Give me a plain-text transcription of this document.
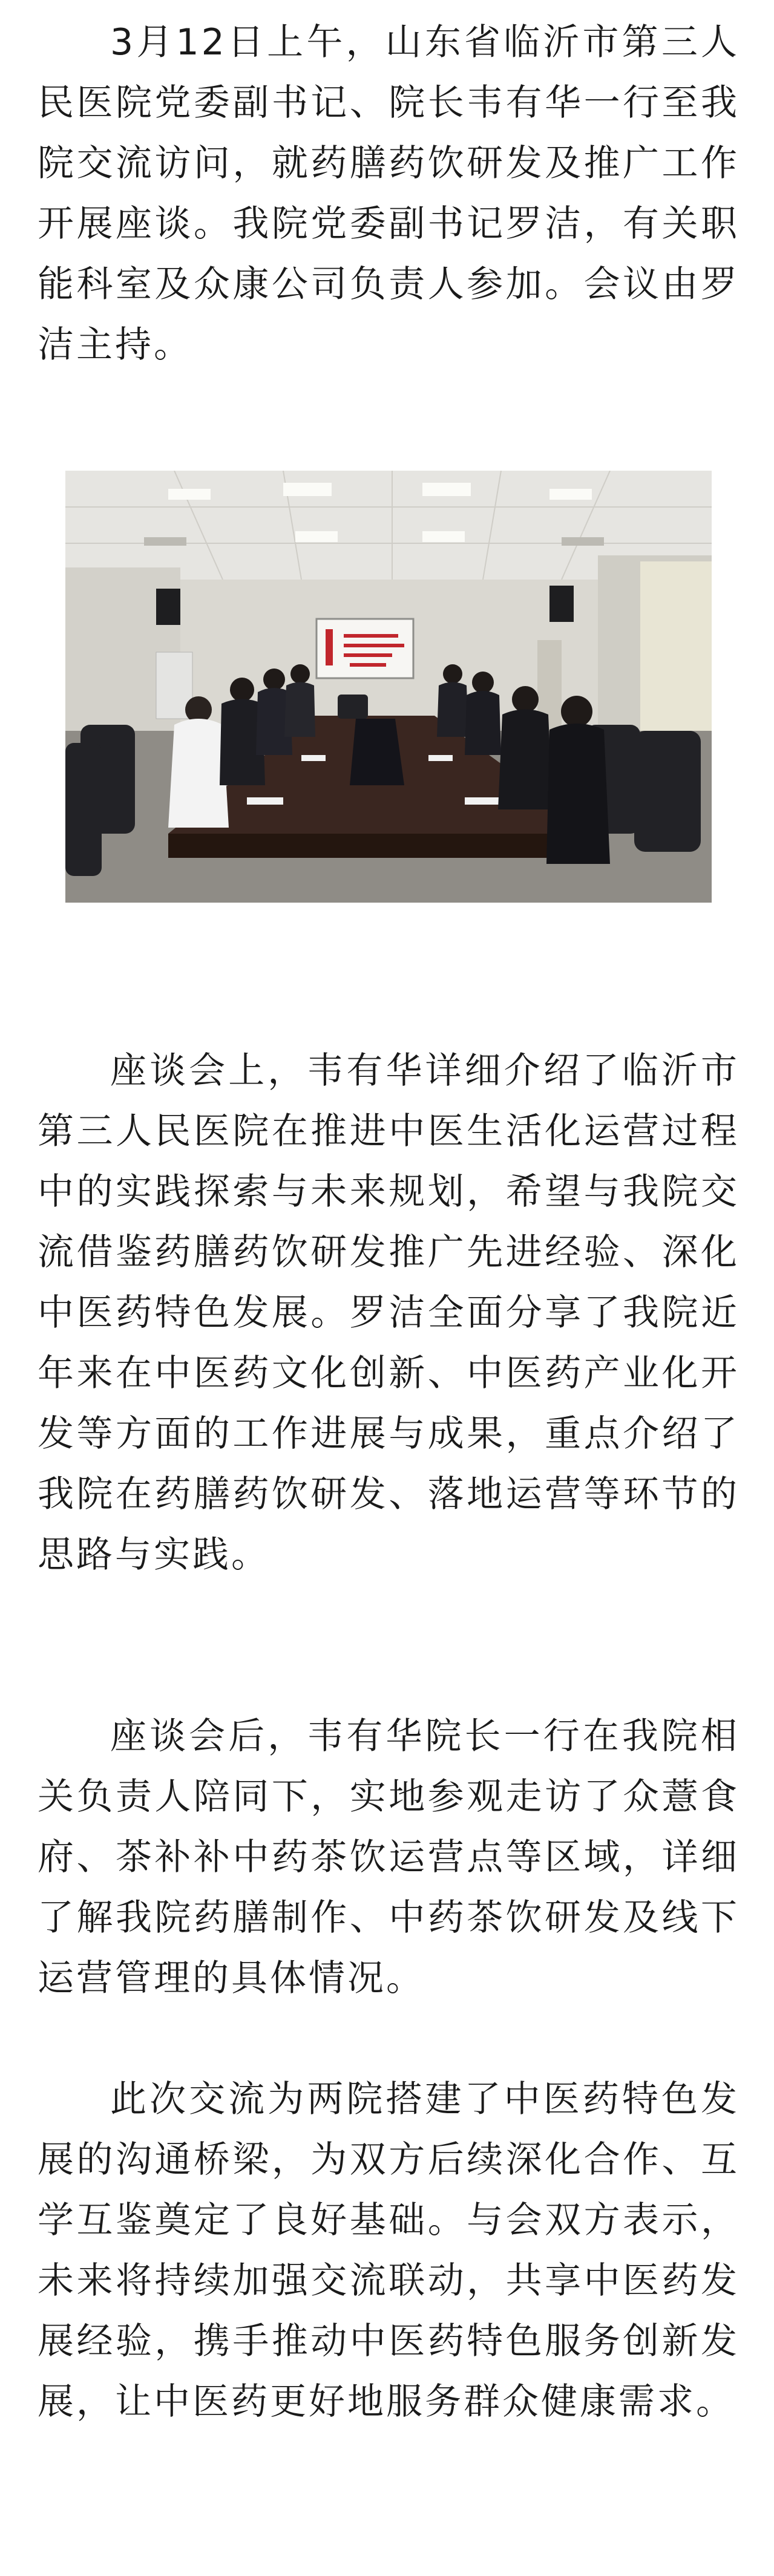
3月12日上午，山东省临沂市第三人民医院党委副书记、院长韦有华一行至我院交流访问，就药膳药饮研发及推广工作开展座谈。我院党委副书记罗洁，有关职能科室及众康公司负责人参加。会议由罗洁主持。

座谈会上，韦有华详细介绍了临沂市第三人民医院在推进中医生活化运营过程中的实践探索与未来规划，希望与我院交流借鉴药膳药饮研发推广先进经验、深化中医药特色发展。罗洁全面分享了我院近年来在中医药文化创新、中医药产业化开发等方面的工作进展与成果，重点介绍了我院在药膳药饮研发、落地运营等环节的思路与实践。

座谈会后，韦有华院长一行在我院相关负责人陪同下，实地参观走访了众薏食府、茶补补中药茶饮运营点等区域，详细了解我院药膳制作、中药茶饮研发及线下运营管理的具体情况。

此次交流为两院搭建了中医药特色发展的沟通桥梁，为双方后续深化合作、互学互鉴奠定了良好基础。与会双方表示，未来将持续加强交流联动，共享中医药发展经验，携手推动中医药特色服务创新发展，让中医药更好地服务群众健康需求。
